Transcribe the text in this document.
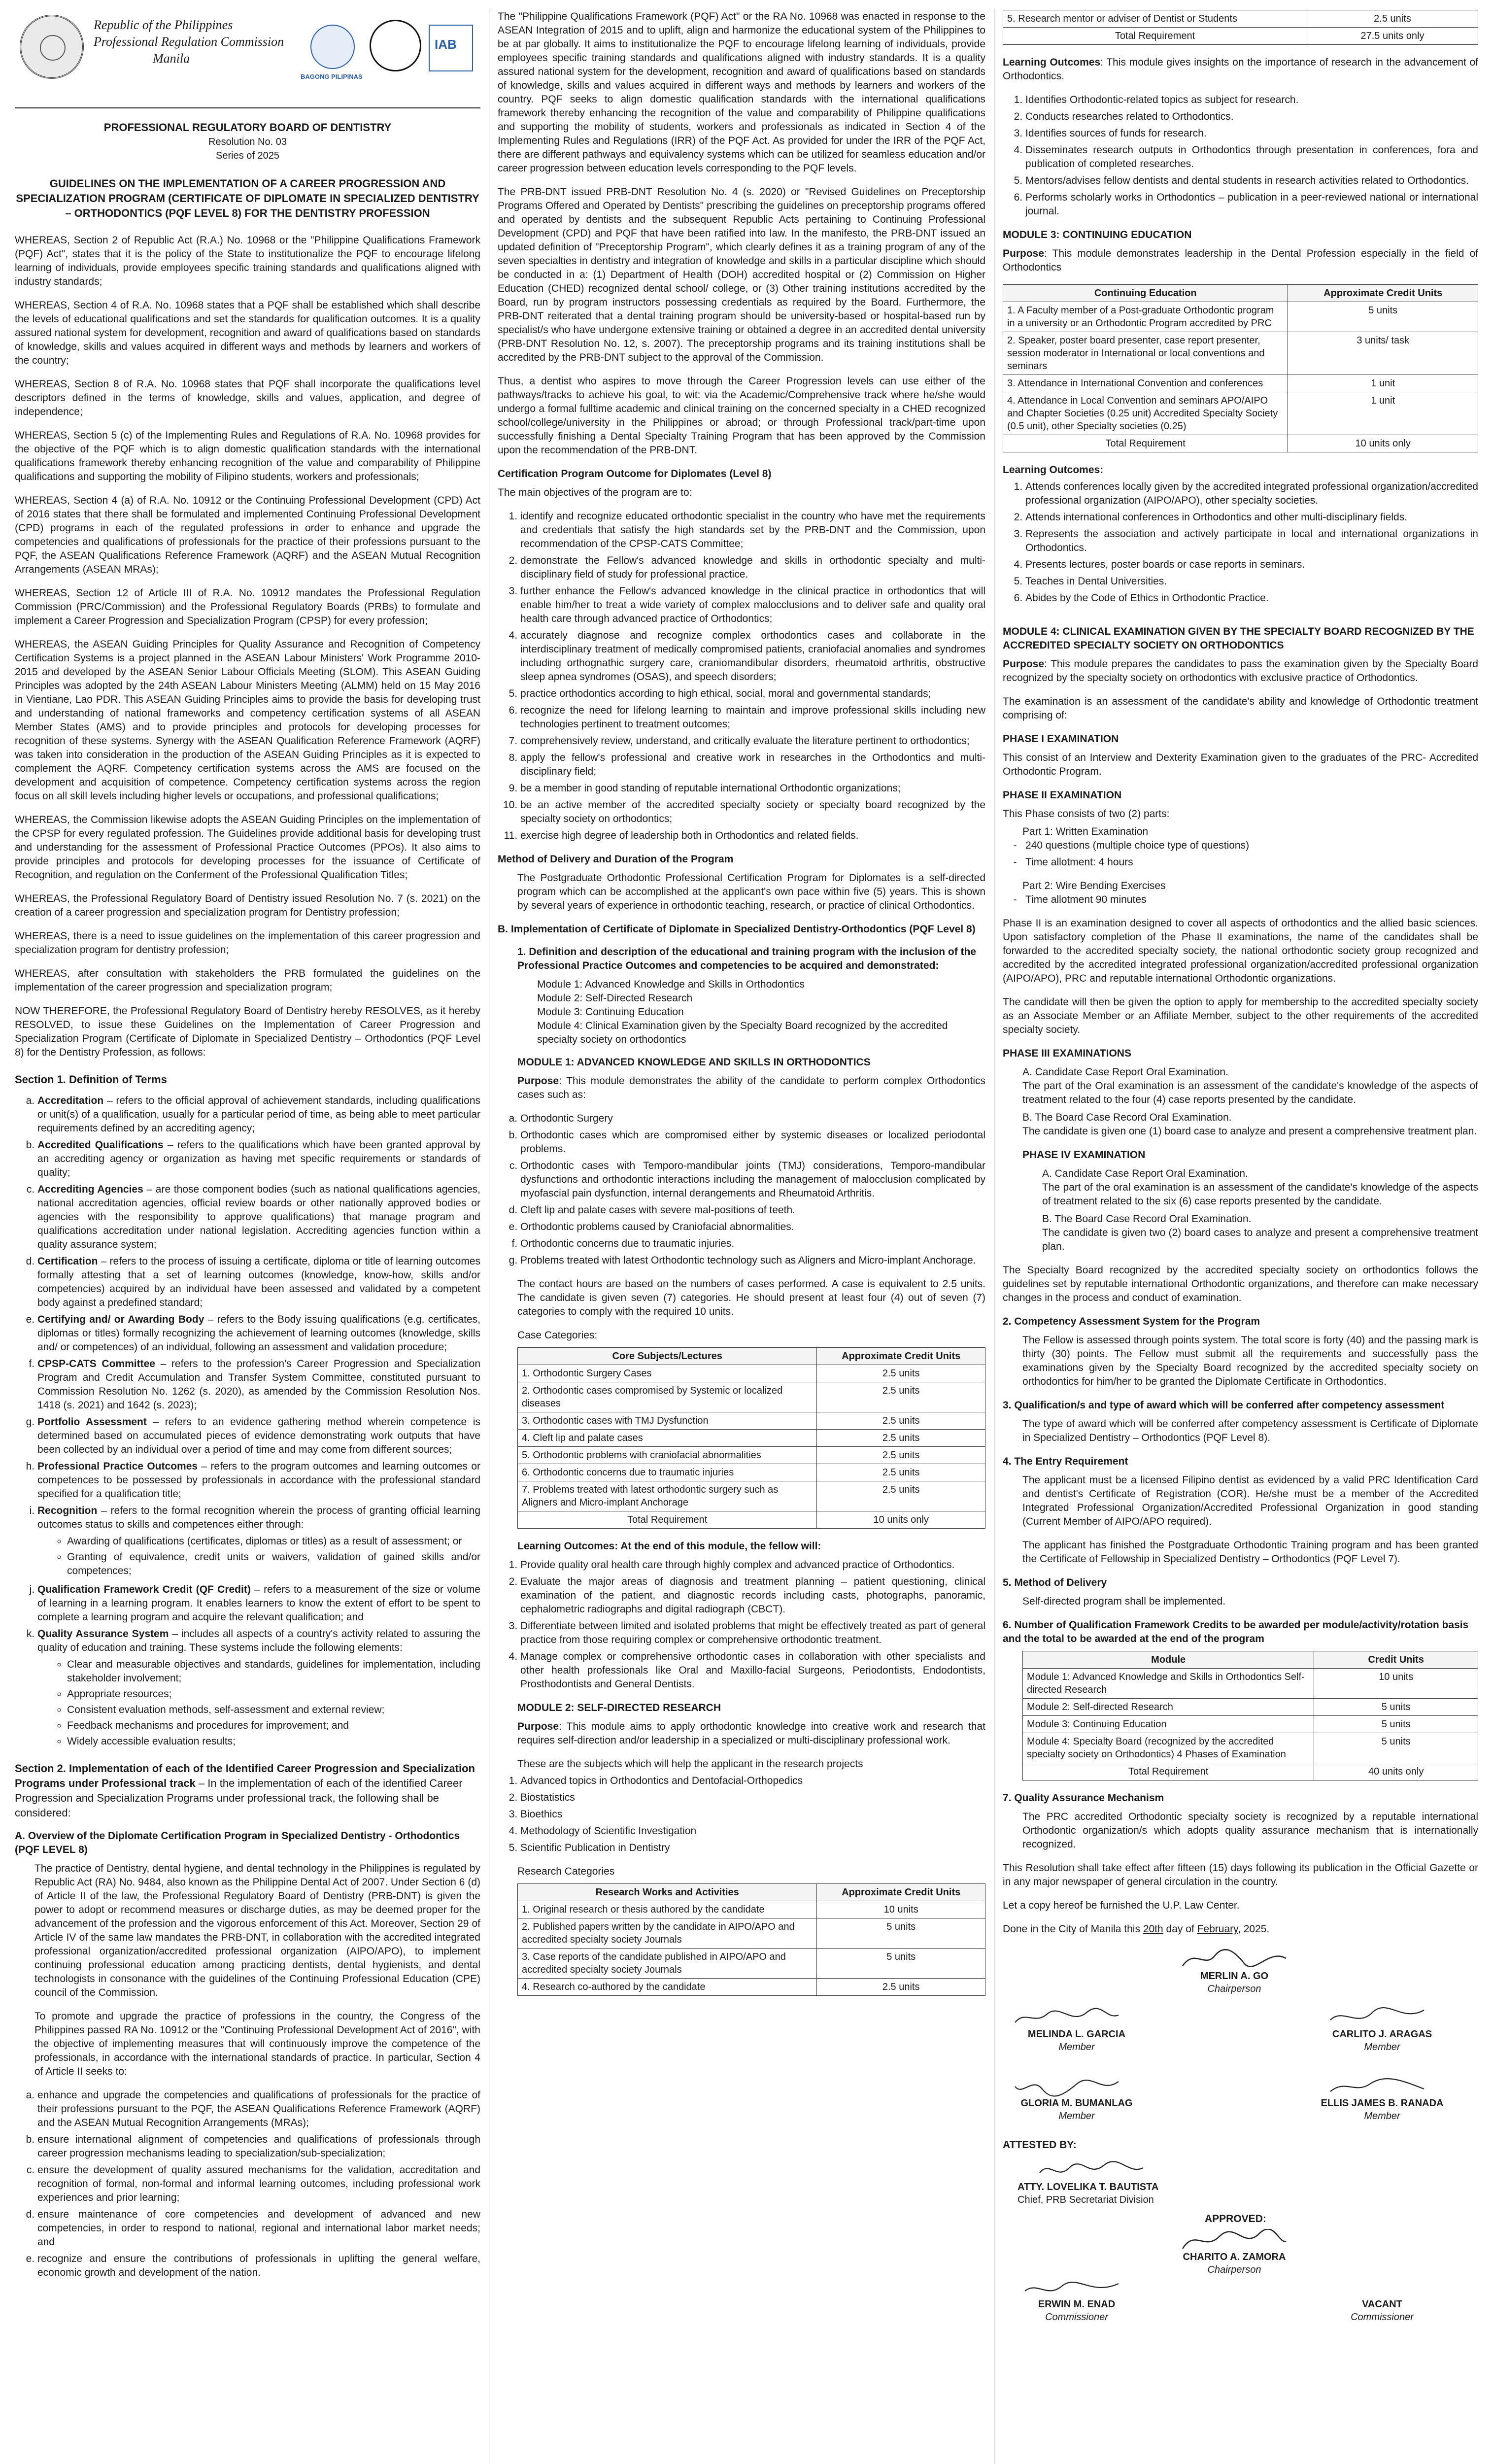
Republic of the Philippines
Professional Regulation Commission
Manila
BAGONG PILIPINAS
IAB
PROFESSIONAL REGULATORY BOARD OF DENTISTRY
Resolution No. 03
Series of 2025
GUIDELINES ON THE IMPLEMENTATION OF A CAREER PROGRESSION AND SPECIALIZATION PROGRAM (CERTIFICATE OF DIPLOMATE IN SPECIALIZED DENTISTRY – ORTHODONTICS (PQF LEVEL 8) FOR THE DENTISTRY PROFESSION

WHEREAS, Section 2 of Republic Act (R.A.) No. 10968 or the "Philippine Qualifications Framework (PQF) Act", states that it is the policy of the State to institutionalize the PQF to encourage lifelong learning of individuals, provide employees specific training standards and qualifications aligned with industry standards;

WHEREAS, Section 4 of R.A. No. 10968 states that a PQF shall be established which shall describe the levels of educational qualifications and set the standards for qualification outcomes. It is a quality assured national system for development, recognition and award of qualifications based on standards of knowledge, skills and values acquired in different ways and methods by learners and workers of the country;

WHEREAS, Section 8 of R.A. No. 10968 states that PQF shall incorporate the qualifications level descriptors defined in the terms of knowledge, skills and values, application, and degree of independence;

WHEREAS, Section 5 (c) of the Implementing Rules and Regulations of R.A. No. 10968 provides for the objective of the PQF which is to align domestic qualification standards with the international qualifications framework thereby enhancing recognition of the value and comparability of Philippine qualifications and supporting the mobility of Filipino students, workers and professionals;

WHEREAS, Section 4 (a) of R.A. No. 10912 or the Continuing Professional Development (CPD) Act of 2016 states that there shall be formulated and implemented Continuing Professional Development (CPD) programs in each of the regulated professions in order to enhance and upgrade the competencies and qualifications of professionals for the practice of their professions pursuant to the PQF, the ASEAN Qualifications Reference Framework (AQRF) and the ASEAN Mutual Recognition Arrangements (ASEAN MRAs);

WHEREAS, Section 12 of Article III of R.A. No. 10912 mandates the Professional Regulation Commission (PRC/Commission) and the Professional Regulatory Boards (PRBs) to formulate and implement a Career Progression and Specialization Program (CPSP) for every profession;

WHEREAS, the ASEAN Guiding Principles for Quality Assurance and Recognition of Competency Certification Systems is a project planned in the ASEAN Labour Ministers' Work Programme 2010-2015 and developed by the ASEAN Senior Labour Officials Meeting (SLOM). This ASEAN Guiding Principles was adopted by the 24th ASEAN Labour Ministers Meeting (ALMM) held on 15 May 2016 in Vientiane, Lao PDR. This ASEAN Guiding Principles aims to provide the basis for developing trust and understanding of national frameworks and competency certification systems of all ASEAN Member States (AMS) and to provide principles and protocols for developing processes for recognition of these systems. Synergy with the ASEAN Qualification Reference Framework (AQRF) was taken into consideration in the production of the ASEAN Guiding Principles as it is expected to complement the AQRF. Competency certification systems across the AMS are focused on the development and acquisition of competence. Competency certification systems across the region focus on all skill levels including higher levels or occupations, and professional qualifications;

WHEREAS, the Commission likewise adopts the ASEAN Guiding Principles on the implementation of the CPSP for every regulated profession. The Guidelines provide additional basis for developing trust and understanding for the assessment of Professional Practice Outcomes (PPOs). It also aims to provide principles and protocols for developing processes for the issuance of Certificate of Recognition, and regulation on the Conferment of the Professional Qualification Titles;

WHEREAS, the Professional Regulatory Board of Dentistry issued Resolution No. 7 (s. 2021) on the creation of a career progression and specialization program for Dentistry profession;

WHEREAS, there is a need to issue guidelines on the implementation of this career progression and specialization program for dentistry profession;

WHEREAS, after consultation with stakeholders the PRB formulated the guidelines on the implementation of the career progression and specialization program;

NOW THEREFORE, the Professional Regulatory Board of Dentistry hereby RESOLVES, as it hereby RESOLVED, to issue these Guidelines on the Implementation of Career Progression and Specialization Program (Certificate of Diplomate in Specialized Dentistry – Orthodontics (PQF Level 8) for the Dentistry Profession, as follows:

Section 1. Definition of Terms
a. Accreditation – refers to the official approval of achievement standards, including qualifications or unit(s) of a qualification, usually for a particular period of time, as being able to meet particular requirements defined by an accrediting agency;
b. Accredited Qualifications – refers to the qualifications which have been granted approval by an accrediting agency or organization as having met specific requirements or standards of quality;
c. Accrediting Agencies – are those component bodies (such as national qualifications agencies, national accreditation agencies, official review boards or other nationally approved bodies or agencies with the responsibility to approve qualifications) that manage program and qualifications accreditation under national legislation. Accrediting agencies function within a quality assurance system;
d. Certification – refers to the process of issuing a certificate, diploma or title of learning outcomes formally attesting that a set of learning outcomes (knowledge, know-how, skills and/or competencies) acquired by an individual have been assessed and validated by a competent body against a predefined standard;
e. Certifying and/ or Awarding Body – refers to the Body issuing qualifications (e.g. certificates, diplomas or titles) formally recognizing the achievement of learning outcomes (knowledge, skills and/ or competences) of an individual, following an assessment and validation procedure;
f. CPSP-CATS Committee – refers to the profession's Career Progression and Specialization Program and Credit Accumulation and Transfer System Committee, constituted pursuant to Commission Resolution No. 1262 (s. 2020), as amended by the Commission Resolution Nos. 1418 (s. 2021) and 1642 (s. 2023);
g. Portfolio Assessment – refers to an evidence gathering method wherein competence is determined based on accumulated pieces of evidence demonstrating work outputs that have been collected by an individual over a period of time and may come from different sources;
h. Professional Practice Outcomes – refers to the program outcomes and learning outcomes or competences to be possessed by professionals in accordance with the professional standard specified for a qualification title;
i. Recognition – refers to the formal recognition wherein the process of granting official learning outcomes status to skills and competences either through:
◦ Awarding of qualifications (certificates, diplomas or titles) as a result of assessment; or
◦ Granting of equivalence, credit units or waivers, validation of gained skills and/or competences;
j. Qualification Framework Credit (QF Credit) – refers to a measurement of the size or volume of learning in a learning program. It enables learners to know the extent of effort to be spent to complete a learning program and acquire the relevant qualification; and
k. Quality Assurance System – includes all aspects of a country's activity related to assuring the quality of education and training. These systems include the following elements:
◦ Clear and measurable objectives and standards, guidelines for implementation, including stakeholder involvement;
◦ Appropriate resources;
◦ Consistent evaluation methods, self-assessment and external review;
◦ Feedback mechanisms and procedures for improvement; and
◦ Widely accessible evaluation results;
Section 2. Implementation of each of the Identified Career Progression and Specialization Programs under Professional track – In the implementation of each of the identified Career Progression and Specialization Programs under professional track, the following shall be considered:
A. Overview of the Diplomate Certification Program in Specialized Dentistry - Orthodontics (PQF LEVEL 8)

The practice of Dentistry, dental hygiene, and dental technology in the Philippines is regulated by Republic Act (RA) No. 9484, also known as the Philippine Dental Act of 2007. Under Section 6 (d) of Article II of the law, the Professional Regulatory Board of Dentistry (PRB-DNT) is given the power to adopt or recommend measures or discharge duties, as may be deemed proper for the advancement of the profession and the vigorous enforcement of this Act. Moreover, Section 29 of Article IV of the same law mandates the PRB-DNT, in collaboration with the accredited integrated professional organization/accredited professional organization (AIPO/APO), to implement continuing professional education among practicing dentists, dental hygienists, and dental technologists in consonance with the guidelines of the Continuing Professional Education (CPE) council of the Commission.

To promote and upgrade the practice of professions in the country, the Congress of the Philippines passed RA No. 10912 or the "Continuing Professional Development Act of 2016", with the objective of implementing measures that will continuously improve the competence of the professionals, in accordance with the international standards of practice. In particular, Section 4 of Article II seeks to:

a. enhance and upgrade the competencies and qualifications of professionals for the practice of their professions pursuant to the PQF, the ASEAN Qualifications Reference Framework (AQRF) and the ASEAN Mutual Recognition Arrangements (MRAs);
b. ensure international alignment of competencies and qualifications of professionals through career progression mechanisms leading to specialization/sub-specialization;
c. ensure the development of quality assured mechanisms for the validation, accreditation and recognition of formal, non-formal and informal learning outcomes, including professional work experiences and prior learning;
d. ensure maintenance of core competencies and development of advanced and new competencies, in order to respond to national, regional and international labor market needs; and
e. recognize and ensure the contributions of professionals in uplifting the general welfare, economic growth and development of the nation.

The "Philippine Qualifications Framework (PQF) Act" or the RA No. 10968 was enacted in response to the ASEAN Integration of 2015 and to uplift, align and harmonize the educational system of the Philippines to be at par globally. It aims to institutionalize the PQF to encourage lifelong learning of individuals, provide employees specific training standards and qualifications aligned with industry standards. It is a quality assured national system for the development, recognition and award of qualifications based on standards of knowledge, skills and values acquired in different ways and methods by learners and workers of the country. PQF seeks to align domestic qualification standards with the international qualifications framework thereby enhancing the recognition of the value and comparability of Philippine qualifications and supporting the mobility of students, workers and professionals as indicated in Section 4 of the Implementing Rules and Regulations (IRR) of the PQF Act. As provided for under the IRR of the PQF Act, there are different pathways and equivalency systems which can be utilized for seamless education and/or career progression between education levels corresponding to the PQF levels.

The PRB-DNT issued PRB-DNT Resolution No. 4 (s. 2020) or "Revised Guidelines on Preceptorship Programs Offered and Operated by Dentists" prescribing the guidelines on preceptorship programs offered and operated by dentists and the subsequent Republic Acts pertaining to Continuing Professional Development (CPD) and PQF that have been ratified into law. In the manifesto, the PRB-DNT issued an updated definition of "Preceptorship Program", which clearly defines it as a training program of any of the seven specialties in dentistry and integration of knowledge and skills in a particular discipline which should be conducted in a: (1) Department of Health (DOH) accredited hospital or (2) Commission on Higher Education (CHED) recognized dental school/ college, or (3) Other training institutions accredited by the Board, run by program instructors possessing credentials as required by the Board. Furthermore, the PRB-DNT reiterated that a dental training program should be university-based or hospital-based run by specialist/s who have undergone extensive training or obtained a degree in an accredited dental university (PRB-DNT Resolution No. 12, s. 2007). The preceptorship programs and its training institutions shall be accredited by the PRB-DNT subject to the approval of the Commission.

Thus, a dentist who aspires to move through the Career Progression levels can use either of the pathways/tracks to achieve his goal, to wit: via the Academic/Comprehensive track where he/she would undergo a formal fulltime academic and clinical training on the concerned specialty in a CHED recognized school/college/university in the Philippines or abroad; or through Professional track/part-time upon successfully finishing a Dental Specialty Training Program that has been approved by the Commission upon the recommendation of the PRB-DNT.

Certification Program Outcome for Diplomates (Level 8)

The main objectives of the program are to:

1. identify and recognize educated orthodontic specialist in the country who have met the requirements and credentials that satisfy the high standards set by the PRB-DNT and the Commission, upon recommendation of the CPSP-CATS Committee;
2. demonstrate the Fellow's advanced knowledge and skills in orthodontic specialty and multi-disciplinary field of study for professional practice.
3. further enhance the Fellow's advanced knowledge in the clinical practice in orthodontics that will enable him/her to treat a wide variety of complex malocclusions and to deliver safe and quality oral health care through advanced practice of Orthodontics;
4. accurately diagnose and recognize complex orthodontics cases and collaborate in the interdisciplinary treatment of medically compromised patients, craniofacial anomalies and syndromes including orthognathic surgery care, craniomandibular disorders, rheumatoid arthritis, obstructive sleep apnea syndromes (OSAS), and speech disorders;
5. practice orthodontics according to high ethical, social, moral and governmental standards;
6. recognize the need for lifelong learning to maintain and improve professional skills including new technologies pertinent to treatment outcomes;
7. comprehensively review, understand, and critically evaluate the literature pertinent to orthodontics;
8. apply the fellow's professional and creative work in researches in the Orthodontics and multi-disciplinary field;
9. be a member in good standing of reputable international Orthodontic organizations;
10. be an active member of the accredited specialty society or specialty board recognized by the specialty society on orthodontics;
11. exercise high degree of leadership both in Orthodontics and related fields.
Method of Delivery and Duration of the Program

The Postgraduate Orthodontic Professional Certification Program for Diplomates is a self-directed program which can be accomplished at the applicant's own pace within five (5) years. This is shown by several years of experience in orthodontic teaching, research, or practice of clinical Orthodontics.

B. Implementation of Certificate of Diplomate in Specialized Dentistry-Orthodontics (PQF Level 8)
1. Definition and description of the educational and training program with the inclusion of the Professional Practice Outcomes and competencies to be acquired and demonstrated:
Module 1: Advanced Knowledge and Skills in Orthodontics
Module 2: Self-Directed Research
Module 3: Continuing Education
Module 4: Clinical Examination given by the Specialty Board recognized by the accredited specialty society on orthodontics
MODULE 1: ADVANCED KNOWLEDGE AND SKILLS IN ORTHODONTICS

Purpose: This module demonstrates the ability of the candidate to perform complex Orthodontics cases such as:

a. Orthodontic Surgery
b. Orthodontic cases which are compromised either by systemic diseases or localized periodontal problems.
c. Orthodontic cases with Temporo-mandibular joints (TMJ) considerations, Temporo-mandibular dysfunctions and orthodontic interactions including the management of malocclusion complicated by myofascial pain dysfunction, internal derangements and Rheumatoid Arthritis.
d. Cleft lip and palate cases with severe mal-positions of teeth.
e. Orthodontic problems caused by Craniofacial abnormalities.
f. Orthodontic concerns due to traumatic injuries.
g. Problems treated with latest Orthodontic technology such as Aligners and Micro-implant Anchorage.

The contact hours are based on the numbers of cases performed. A case is equivalent to 2.5 units. The candidate is given seven (7) categories. He should present at least four (4) out of seven (7) categories to comply with the required 10 units.

Case Categories:
Core Subjects/Lectures	Approximate Credit Units
1. Orthodontic Surgery Cases	2.5 units
2. Orthodontic cases compromised by Systemic or localized diseases	2.5 units
3. Orthodontic cases with TMJ Dysfunction	2.5 units
4. Cleft lip and palate cases	2.5 units
5. Orthodontic problems with craniofacial abnormalities	2.5 units
6. Orthodontic concerns due to traumatic injuries	2.5 units
7. Problems treated with latest orthodontic surgery such as Aligners and Micro-implant Anchorage	2.5 units
Total Requirement	10 units only
Learning Outcomes: At the end of this module, the fellow will:
1. Provide quality oral health care through highly complex and advanced practice of Orthodontics.
2. Evaluate the major areas of diagnosis and treatment planning – patient questioning, clinical examination of the patient, and diagnostic records including casts, photographs, panoramic, cephalometric radiographs and digital radiograph (CBCT).
3. Differentiate between limited and isolated problems that might be effectively treated as part of general practice from those requiring complex or comprehensive orthodontic treatment.
4. Manage complex or comprehensive orthodontic cases in collaboration with other specialists and other health professionals like Oral and Maxillo-facial Surgeons, Periodontists, Endodontists, Prosthodontists and General Dentists.
MODULE 2: SELF-DIRECTED RESEARCH

Purpose: This module aims to apply orthodontic knowledge into creative work and research that requires self-direction and/or leadership in a specialized or multi-disciplinary professional work.

These are the subjects which will help the applicant in the research projects

1. Advanced topics in Orthodontics and Dentofacial-Orthopedics
2. Biostatistics
3. Bioethics
4. Methodology of Scientific Investigation
5. Scientific Publication in Dentistry
Research Categories
Research Works and Activities	Approximate Credit Units
1. Original research or thesis authored by the candidate	10 units
2. Published papers written by the candidate in AIPO/APO and accredited specialty society Journals	5 units
3. Case reports of the candidate published in AIPO/APO and accredited specialty society Journals	5 units
4. Research co-authored by the candidate	2.5 units
5. Research mentor or adviser of Dentist or Students	2.5 units
Total Requirement	27.5 units only

Learning Outcomes: This module gives insights on the importance of research in the advancement of Orthodontics.

1. Identifies Orthodontic-related topics as subject for research.
2. Conducts researches related to Orthodontics.
3. Identifies sources of funds for research.
4. Disseminates research outputs in Orthodontics through presentation in conferences, fora and publication of completed researches.
5. Mentors/advises fellow dentists and dental students in research activities related to Orthodontics.
6. Performs scholarly works in Orthodontics – publication in a peer-reviewed national or international journal.
MODULE 3: CONTINUING EDUCATION

Purpose: This module demonstrates leadership in the Dental Profession especially in the field of Orthodontics

Continuing Education	Approximate Credit Units
1. A Faculty member of a Post-graduate Orthodontic program in a university or an Orthodontic Program accredited by PRC	5 units
2. Speaker, poster board presenter, case report presenter, session moderator in International or local conventions and seminars	3 units/ task
3. Attendance in International Convention and conferences	1 unit
4. Attendance in Local Convention and seminars APO/AIPO and Chapter Societies (0.25 unit) Accredited Specialty Society (0.5 unit), other Specialty societies (0.25)	1 unit
Total Requirement	10 units only
Learning Outcomes:
1. Attends conferences locally given by the accredited integrated professional organization/accredited professional organization (AIPO/APO), other specialty societies.
2. Attends international conferences in Orthodontics and other multi-disciplinary fields.
3. Represents the association and actively participate in local and international organizations in Orthodontics.
4. Presents lectures, poster boards or case reports in seminars.
5. Teaches in Dental Universities.
6. Abides by the Code of Ethics in Orthodontic Practice.
MODULE 4: CLINICAL EXAMINATION GIVEN BY THE SPECIALTY BOARD RECOGNIZED BY THE ACCREDITED SPECIALTY SOCIETY ON ORTHODONTICS

Purpose: This module prepares the candidates to pass the examination given by the Specialty Board recognized by the specialty society on orthodontics with exclusive practice of Orthodontics.

The examination is an assessment of the candidate's ability and knowledge of Orthodontic treatment comprising of:

PHASE I EXAMINATION

This consist of an Interview and Dexterity Examination given to the graduates of the PRC- Accredited Orthodontic Program.

PHASE II EXAMINATION

This Phase consists of two (2) parts:

Part 1: Written Examination
- 240 questions (multiple choice type of questions)
- Time allotment: 4 hours
Part 2: Wire Bending Exercises
- Time allotment 90 minutes

Phase II is an examination designed to cover all aspects of orthodontics and the allied basic sciences. Upon satisfactory completion of the Phase II examinations, the name of the candidates shall be forwarded to the accredited specialty society, the national orthodontic society group recognized and accredited by the accredited integrated professional organization/accredited professional organization (AIPO/APO), PRC and reputable international Orthodontic organizations.

The candidate will then be given the option to apply for membership to the accredited specialty society as an Associate Member or an Affiliate Member, subject to the other requirements of the accredited specialty society.

PHASE III EXAMINATIONS
A. Candidate Case Report Oral Examination.

The part of the Oral examination is an assessment of the candidate's knowledge of the aspects of treatment related to the four (4) case reports presented by the candidate.

B. The Board Case Record Oral Examination.

The candidate is given one (1) board case to analyze and present a comprehensive treatment plan.

PHASE IV EXAMINATION
A. Candidate Case Report Oral Examination.

The part of the oral examination is an assessment of the candidate's knowledge of the aspects of treatment related to the six (6) case reports presented by the candidate.

B. The Board Case Record Oral Examination.

The candidate is given two (2) board cases to analyze and present a comprehensive treatment plan.

The Specialty Board recognized by the accredited specialty society on orthodontics follows the guidelines set by reputable international Orthodontic organizations, and therefore can make necessary changes in the process and conduct of examination.

2. Competency Assessment System for the Program

The Fellow is assessed through points system. The total score is forty (40) and the passing mark is thirty (30) points. The Fellow must submit all the requirements and successfully pass the examinations given by the Specialty Board recognized by the accredited specialty society on orthodontics for him/her to be granted the Diplomate Certificate in Orthodontics.

3. Qualification/s and type of award which will be conferred after competency assessment

The type of award which will be conferred after competency assessment is Certificate of Diplomate in Specialized Dentistry – Orthodontics (PQF Level 8).

4. The Entry Requirement

The applicant must be a licensed Filipino dentist as evidenced by a valid PRC Identification Card and dentist's Certificate of Registration (COR). He/she must be a member of the Accredited Integrated Professional Organization/Accredited Professional Organization in good standing (Current Member of AIPO/APO required).

The applicant has finished the Postgraduate Orthodontic Training program and has been granted the Certificate of Fellowship in Specialized Dentistry – Orthodontics (PQF Level 7).

5. Method of Delivery

Self-directed program shall be implemented.

6. Number of Qualification Framework Credits to be awarded per module/activity/rotation basis and the total to be awarded at the end of the program
Module	Credit Units
Module 1: Advanced Knowledge and Skills in Orthodontics Self-directed Research	10 units
Module 2: Self-directed Research	5 units
Module 3: Continuing Education	5 units
Module 4: Specialty Board (recognized by the accredited specialty society on Orthodontics) 4 Phases of Examination	5 units
Total Requirement	40 units only
7. Quality Assurance Mechanism

The PRC accredited Orthodontic specialty society is recognized by a reputable international Orthodontic organization/s which adopts quality assurance mechanism that is internationally recognized.

This Resolution shall take effect after fifteen (15) days following its publication in the Official Gazette or in any major newspaper of general circulation in the country.

Let a copy hereof be furnished the U.P. Law Center.

Done in the City of Manila this 20th day of February, 2025.

MERLIN A. GO
Chairperson
MELINDA L. GARCIA
Member
CARLITO J. ARAGAS
Member
GLORIA M. BUMANLAG
Member
ELLIS JAMES B. RANADA
Member
ATTESTED BY:
ATTY. LOVELIKA T. BAUTISTA
Chief, PRB Secretariat Division
APPROVED:
CHARITO A. ZAMORA
Chairperson
ERWIN M. ENAD
Commissioner
VACANT
Commissioner
